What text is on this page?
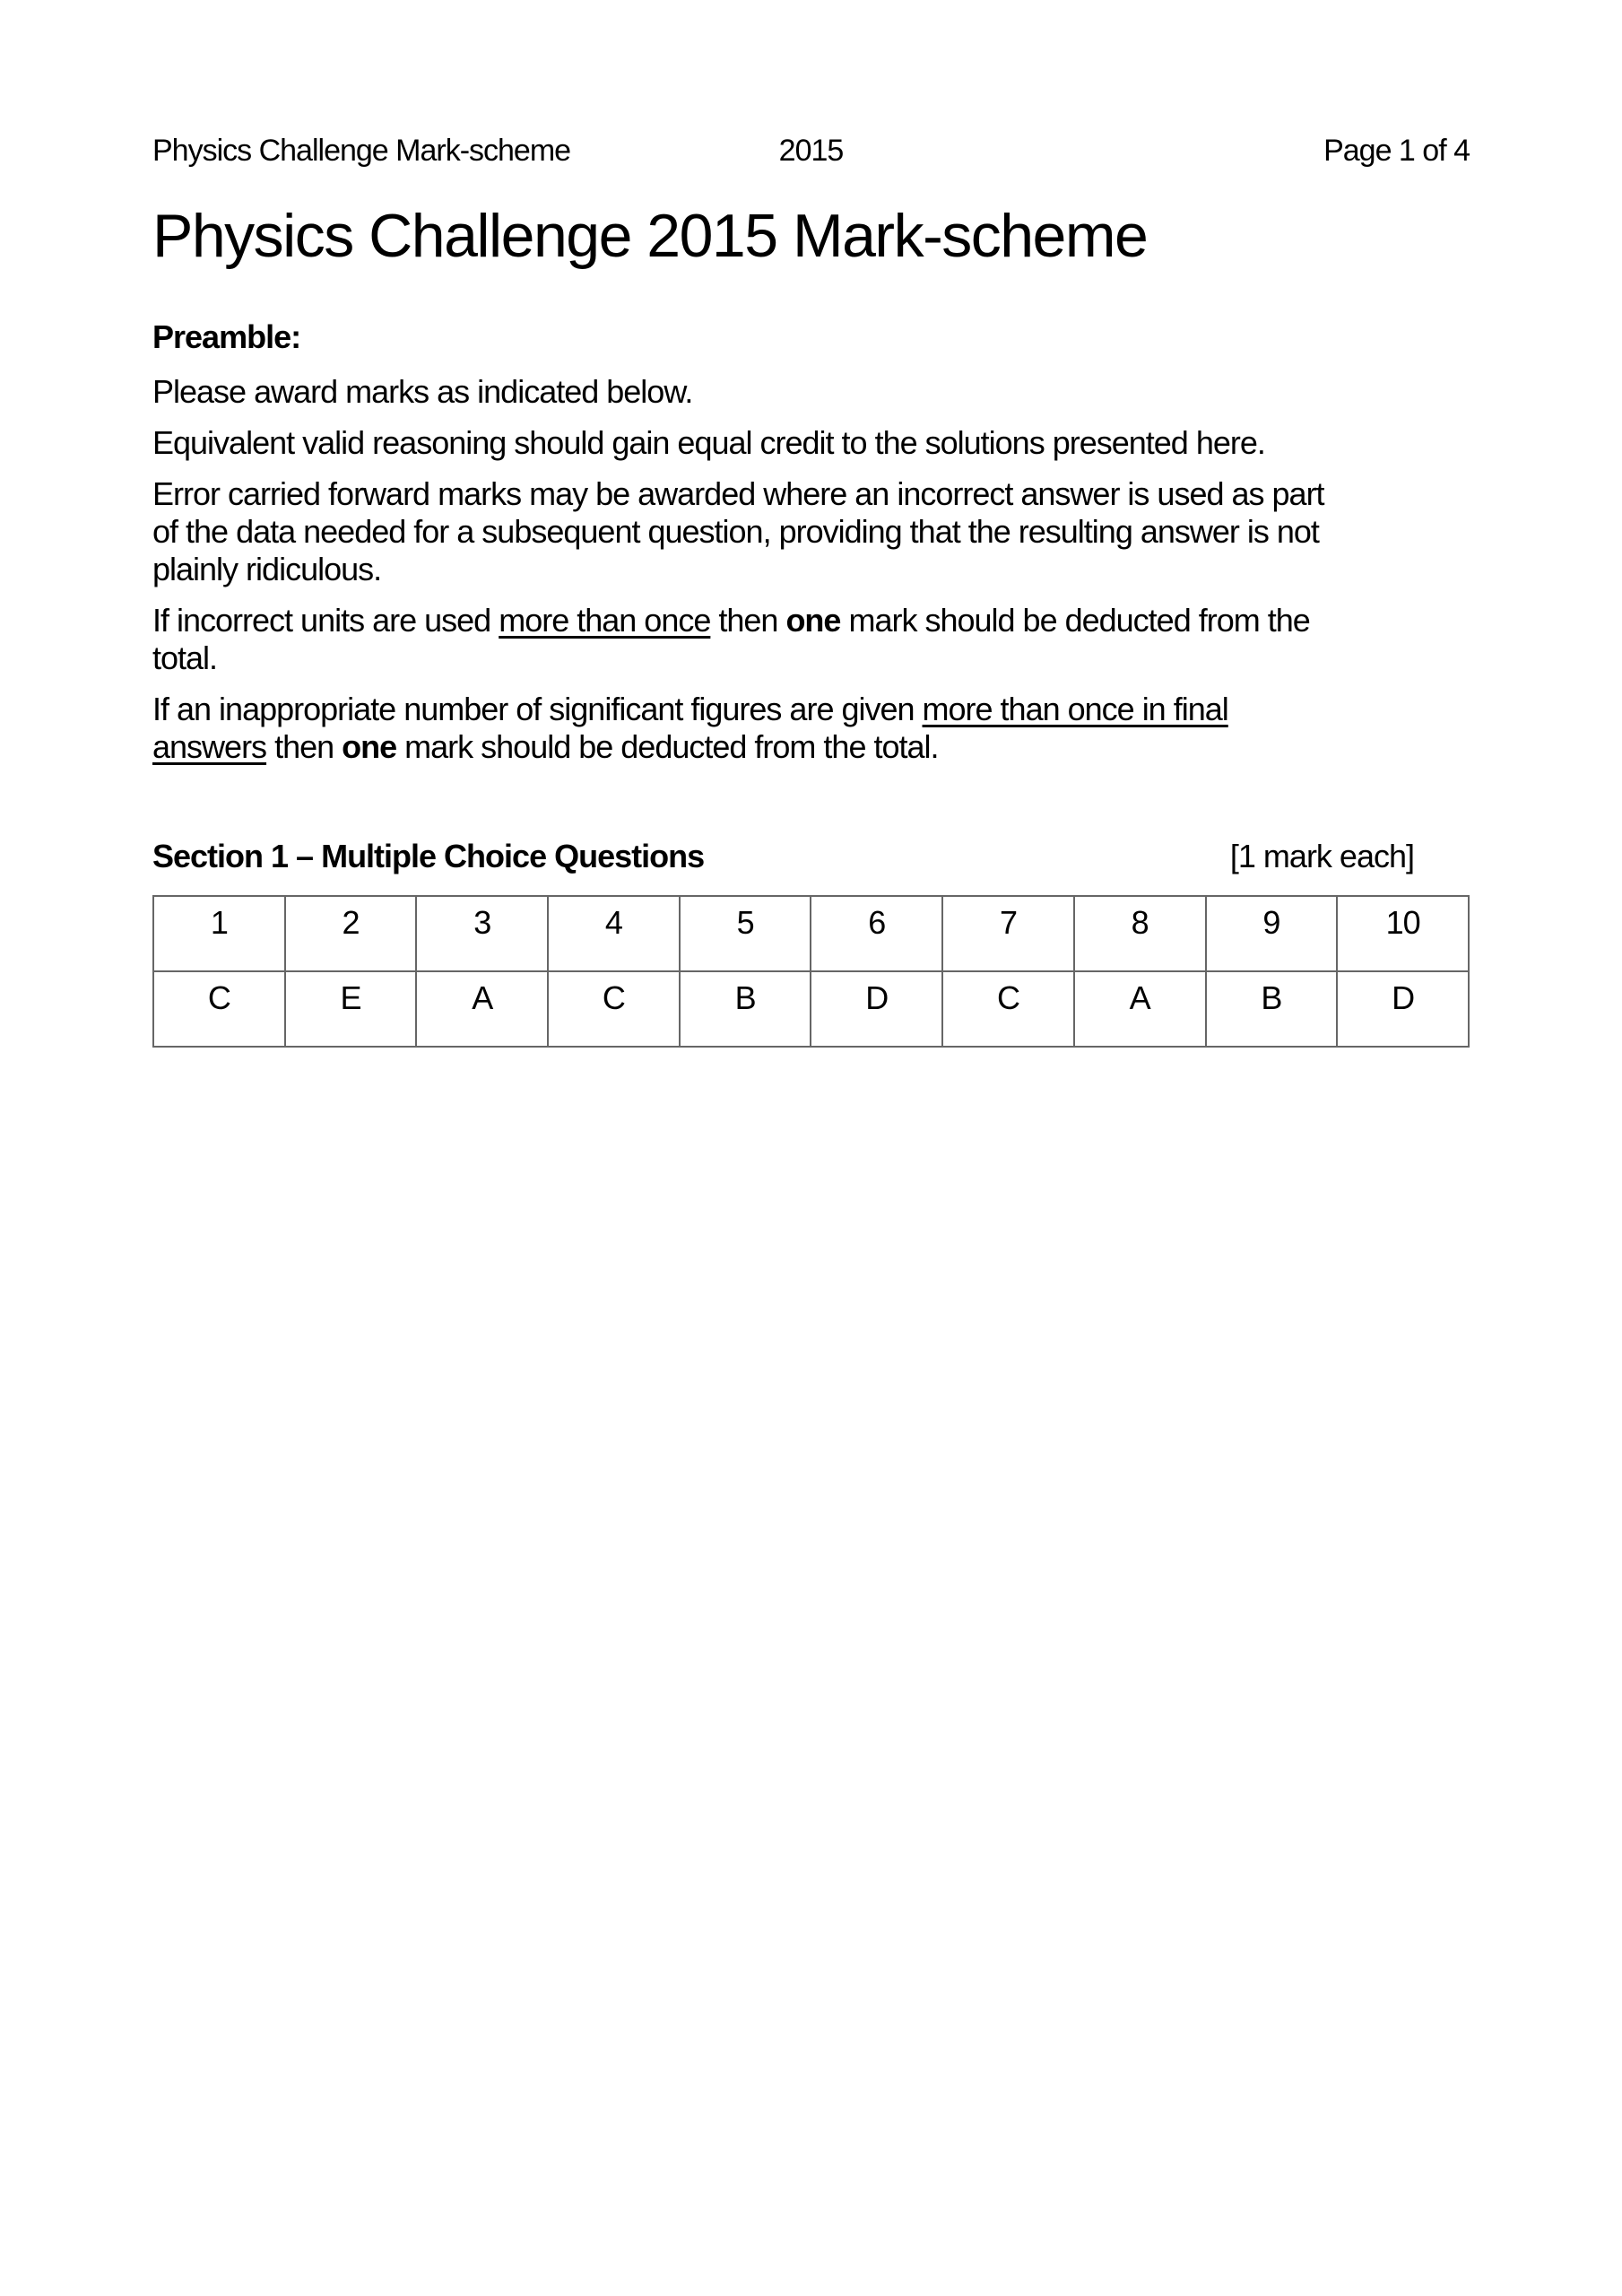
Physics Challenge Mark-scheme	2015	Page 1 of 4
Physics Challenge 2015 Mark-scheme
Preamble:

Please award marks as indicated below.

Equivalent valid reasoning should gain equal credit to the solutions presented here.

Error carried forward marks may be awarded where an incorrect answer is used as part
of the data needed for a subsequent question, providing that the resulting answer is not
plainly ridiculous.

If incorrect units are used more than once then one mark should be deducted from the
total.

If an inappropriate number of significant figures are given more than once in final
answers then one mark should be deducted from the total.

Section 1 – Multiple Choice Questions	[1 mark each]
1	2	3	4	5	6	7	8	9	10
C	E	A	C	B	D	C	A	B	D
